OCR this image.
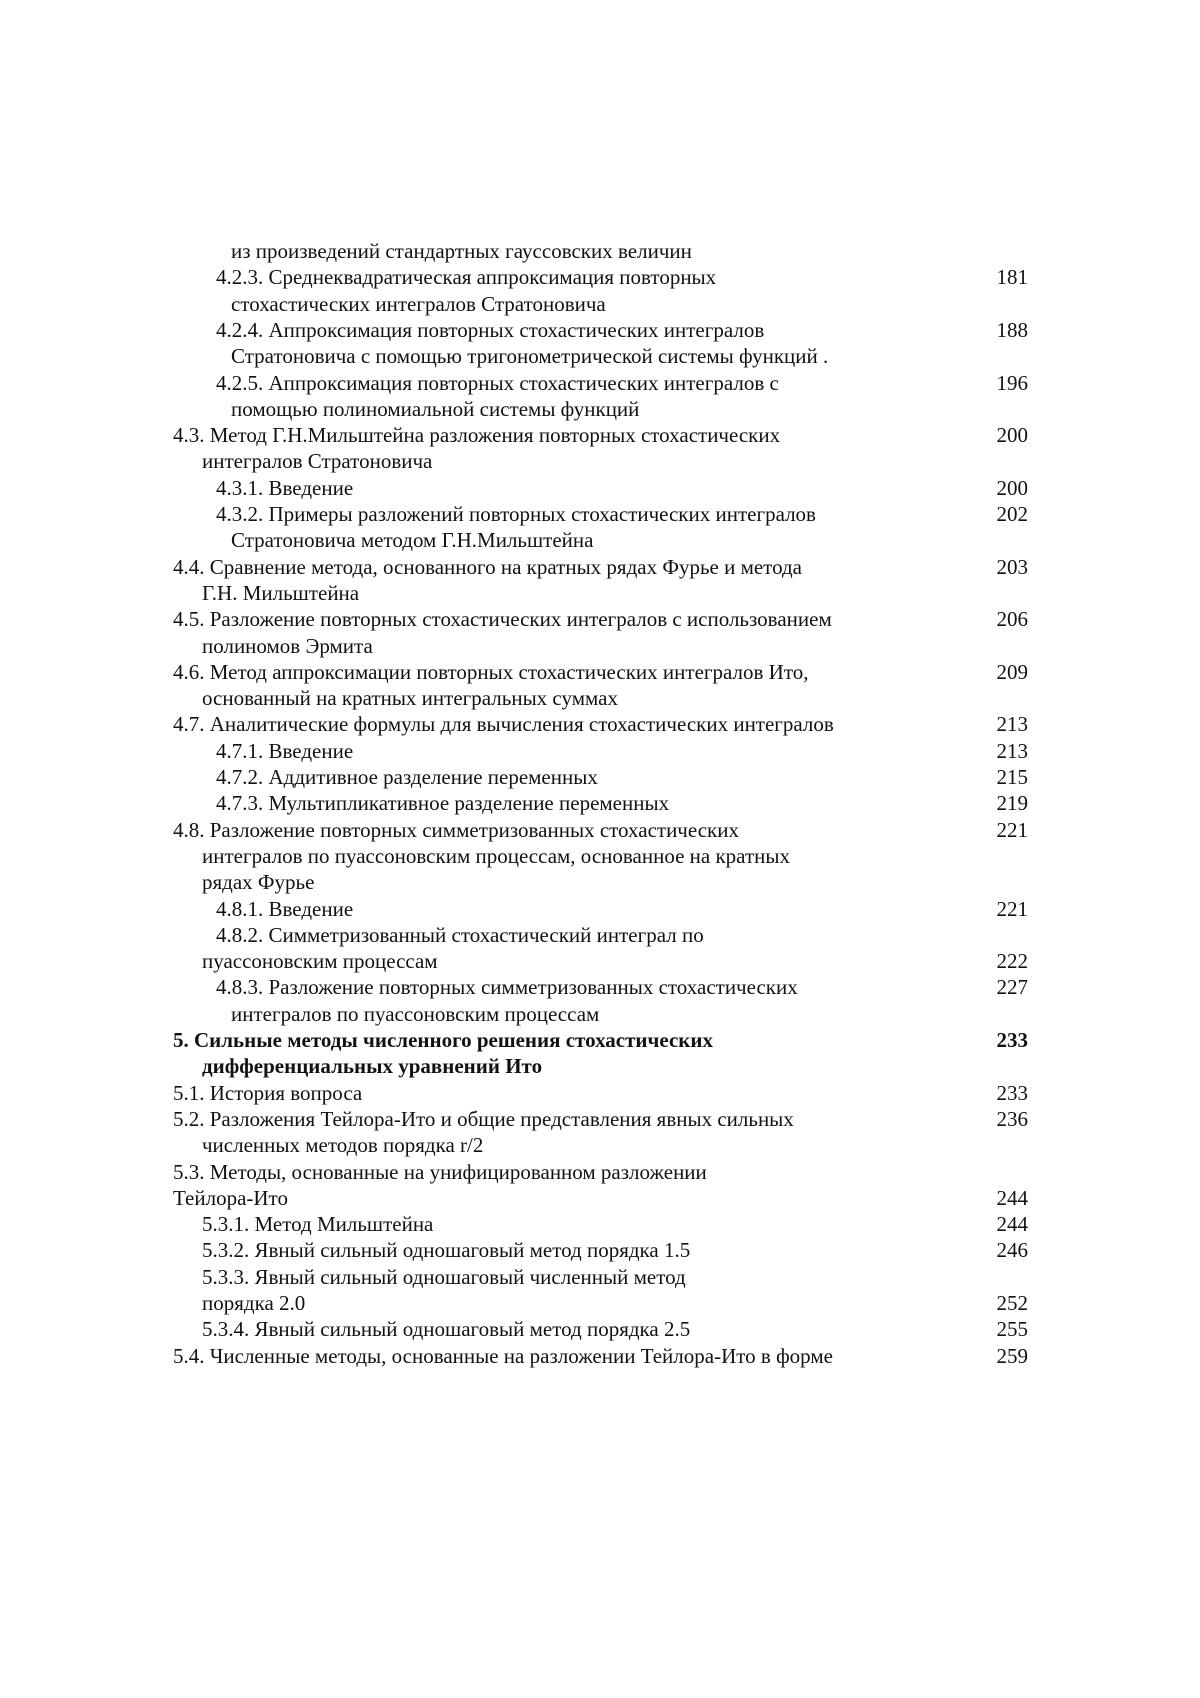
из произведений стандартных гауссовских величин
4.2.3. Среднеквадратическая аппроксимация повторных	181
стохастических интегралов Стратоновича
4.2.4. Аппроксимация повторных стохастических интегралов	188
Стратоновича с помощью тригонометрической системы функций .
4.2.5. Аппроксимация повторных стохастических интегралов с	196
помощью полиномиальной системы функций
4.3. Метод Г.Н.Мильштейна разложения повторных стохастических	200
интегралов Стратоновича
4.3.1. Введение	200
4.3.2. Примеры разложений повторных стохастических интегралов	202
Стратоновича методом Г.Н.Мильштейна
4.4. Сравнение метода, основанного на кратных рядах Фурье и метода	203
Г.Н. Мильштейна
4.5. Разложение повторных стохастических интегралов с использованием	206
полиномов Эрмита
4.6. Метод аппроксимации повторных стохастических интегралов Ито,	209
основанный на кратных интегральных суммах
4.7. Аналитические формулы для вычисления стохастических интегралов	213
4.7.1. Введение	213
4.7.2. Аддитивное разделение переменных	215
4.7.3. Мультипликативное разделение переменных	219
4.8. Разложение повторных симметризованных стохастических	221
интегралов по пуассоновским процессам, основанное на кратных
рядах Фурье
4.8.1. Введение	221
4.8.2. Симметризованный стохастический интеграл по
пуассоновским процессам	222
4.8.3. Разложение повторных симметризованных стохастических	227
интегралов по пуассоновским процессам
5. Сильные методы численного решения стохастических	233
дифференциальных уравнений Ито
5.1. История вопроса	233
5.2. Разложения Тейлора-Ито и общие представления явных сильных	236
численных методов порядка r/2
5.3. Методы, основанные на унифицированном разложении
Тейлора-Ито	244
5.3.1. Метод Мильштейна	244
5.3.2. Явный сильный одношаговый метод порядка 1.5	246
5.3.3. Явный сильный одношаговый численный метод
порядка 2.0	252
5.3.4. Явный сильный одношаговый метод порядка 2.5	255
5.4. Численные методы, основанные на разложении Тейлора-Ито в форме	259
